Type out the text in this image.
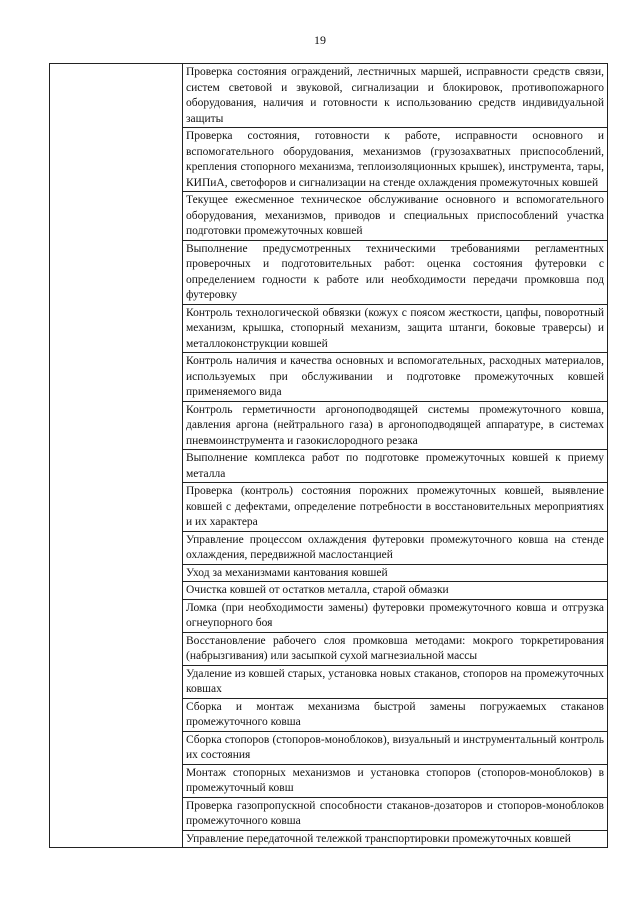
19
	Проверка состояния ограждений, лестничных маршей, исправности средств связи, систем световой и звуковой, сигнализации и блокировок, противопожарного оборудования, наличия и готовности к использованию средств индивидуальной защиты
Проверка состояния, готовности к работе, исправности основного и вспомогательного оборудования, механизмов (грузозахватных приспособлений, крепления стопорного механизма, теплоизоляционных крышек), инструмента, тары, КИПиА, светофоров и сигнализации на стенде охлаждения промежуточных ковшей
Текущее ежесменное техническое обслуживание основного и вспомогательного оборудования, механизмов, приводов и специальных приспособлений участка подготовки промежуточных ковшей
Выполнение предусмотренных техническими требованиями регламентных проверочных и подготовительных работ: оценка состояния футеровки с определением годности к работе или необходимости передачи промковша под футеровку
Контроль технологической обвязки (кожух с поясом жесткости, цапфы, поворотный механизм, крышка, стопорный механизм, защита штанги, боковые траверсы) и металлоконструкции ковшей
Контроль наличия и качества основных и вспомогательных, расходных материалов, используемых при обслуживании и подготовке промежуточных ковшей применяемого вида
Контроль герметичности аргоноподводящей системы промежуточного ковша, давления аргона (нейтрального газа) в аргоноподводящей аппаратуре, в системах пневмоинструмента и газокислородного резака
Выполнение комплекса работ по подготовке промежуточных ковшей к приему металла
Проверка (контроль) состояния порожних промежуточных ковшей, выявление ковшей с дефектами, определение потребности в восстановительных мероприятиях и их характера
Управление процессом охлаждения футеровки промежуточного ковша на стенде охлаждения, передвижной маслостанцией
Уход за механизмами кантования ковшей
Очистка ковшей от остатков металла, старой обмазки
Ломка (при необходимости замены) футеровки промежуточного ковша и отгрузка огнеупорного боя
Восстановление рабочего слоя промковша методами: мокрого торкретирования (набрызгивания) или засыпкой сухой магнезиальной массы
Удаление из ковшей старых, установка новых стаканов, стопоров на промежуточных ковшах
Сборка и монтаж механизма быстрой замены погружаемых стаканов промежуточного ковша
Сборка стопоров (стопоров-моноблоков), визуальный и инструментальный контроль их состояния
Монтаж стопорных механизмов и установка стопоров (стопоров-моноблоков) в промежуточный ковш
Проверка газопропускной способности стаканов-дозаторов и стопоров-моноблоков промежуточного ковша
Управление передаточной тележкой транспортировки промежуточных ковшей
